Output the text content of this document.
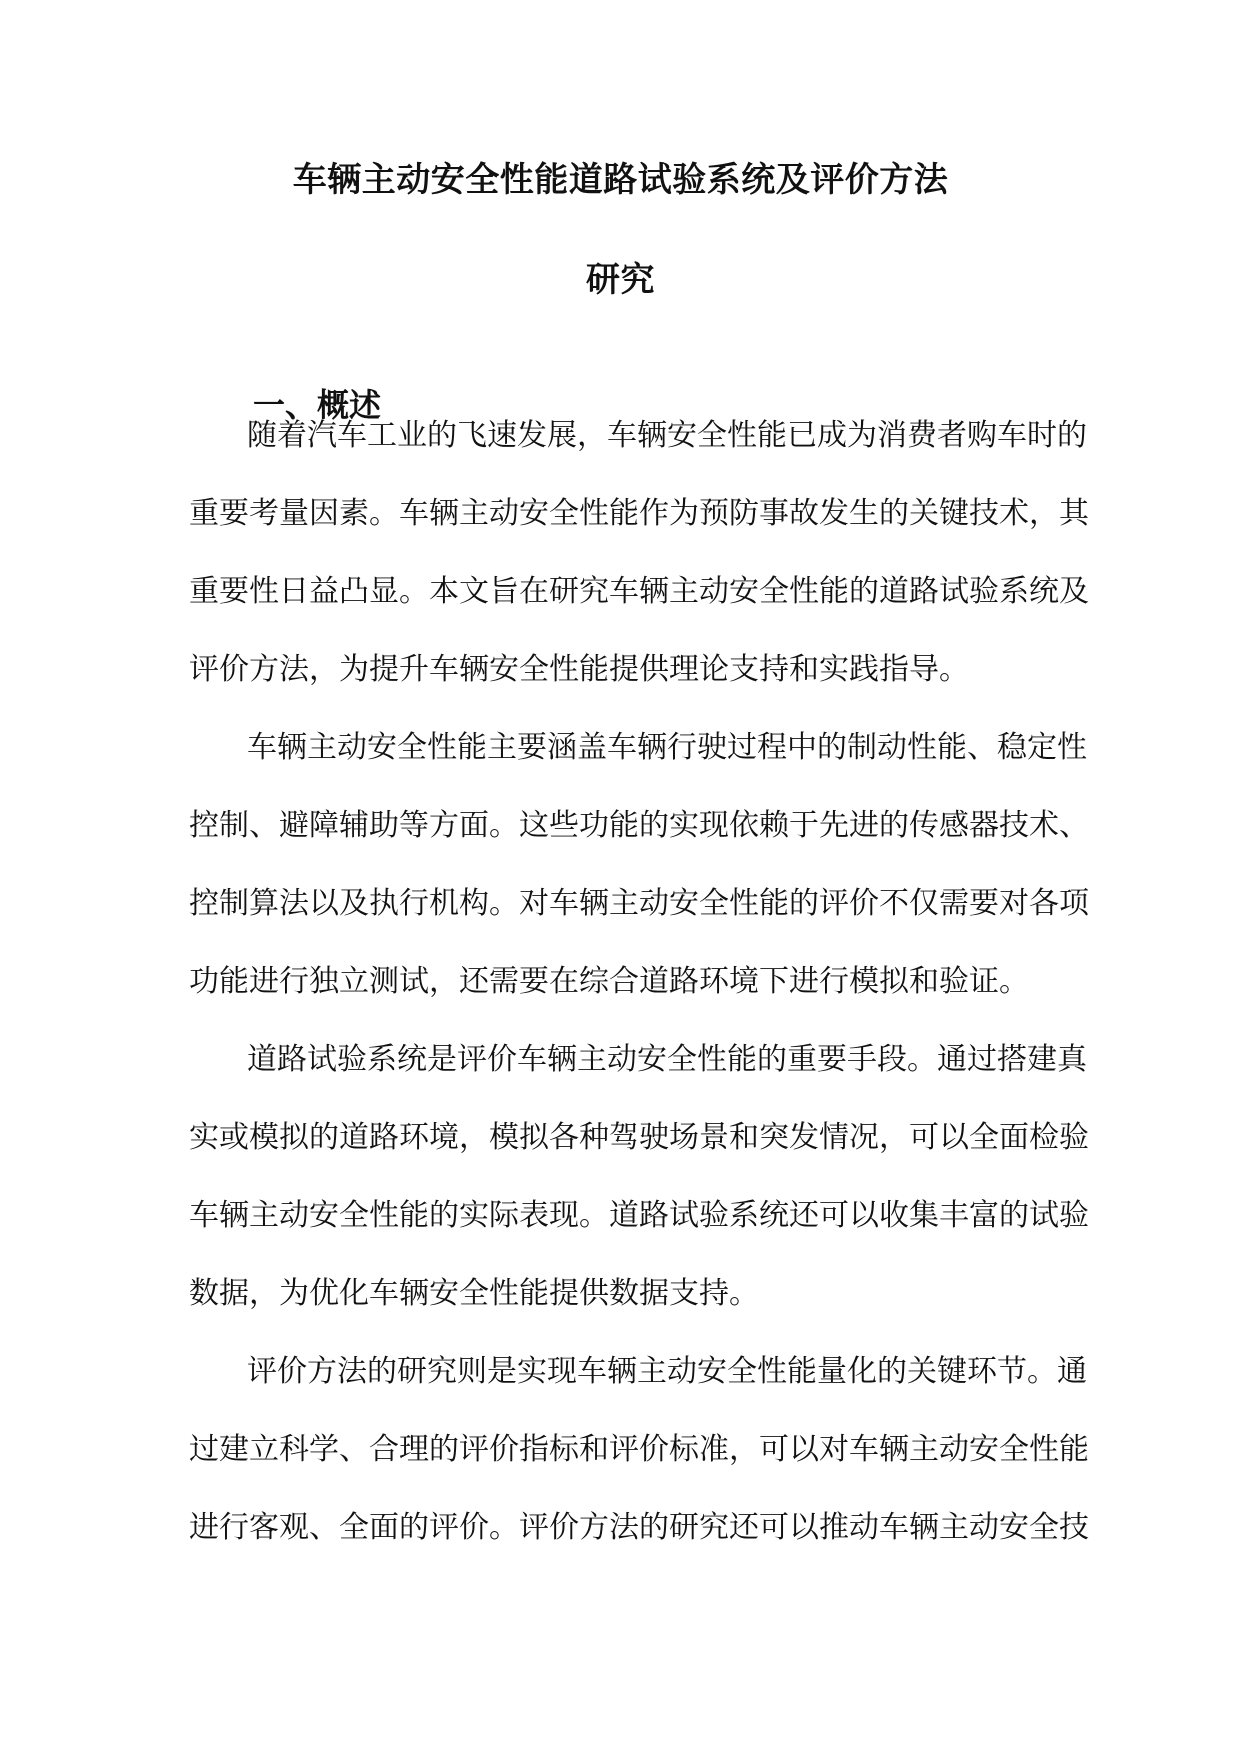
车辆主动安全性能道路试验系统及评价方法
研究
一、概述
随着汽车工业的飞速发展，车辆安全性能已成为消费者购车时的
重要考量因素。车辆主动安全性能作为预防事故发生的关键技术，其
重要性日益凸显。本文旨在研究车辆主动安全性能的道路试验系统及
评价方法，为提升车辆安全性能提供理论支持和实践指导。
车辆主动安全性能主要涵盖车辆行驶过程中的制动性能、稳定性
控制、避障辅助等方面。这些功能的实现依赖于先进的传感器技术、
控制算法以及执行机构。对车辆主动安全性能的评价不仅需要对各项
功能进行独立测试，还需要在综合道路环境下进行模拟和验证。
道路试验系统是评价车辆主动安全性能的重要手段。通过搭建真
实或模拟的道路环境，模拟各种驾驶场景和突发情况，可以全面检验
车辆主动安全性能的实际表现。道路试验系统还可以收集丰富的试验
数据，为优化车辆安全性能提供数据支持。
评价方法的研究则是实现车辆主动安全性能量化的关键环节。通
过建立科学、合理的评价指标和评价标准，可以对车辆主动安全性能
进行客观、全面的评价。评价方法的研究还可以推动车辆主动安全技
